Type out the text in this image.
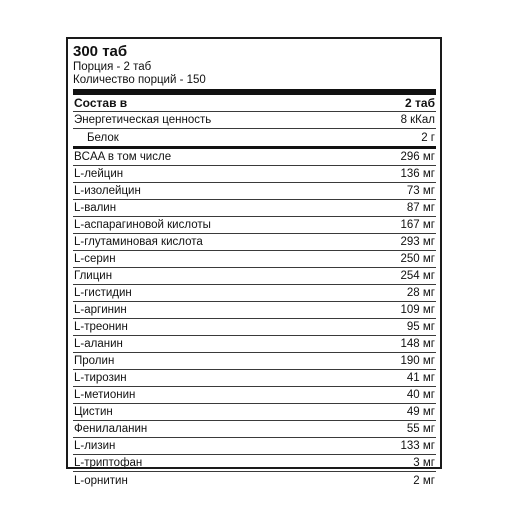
300 таб
Порция - 2 таб
Количество порций - 150
Состав в	2 таб
Энергетическая ценность	8 кКал
Белок	2 г
BCAA в том числе	296 мг
L-лейцин	136 мг
L-изолейцин	73 мг
L-валин	87 мг
L-аспарагиновой кислоты	167 мг
L-глутаминовая кислота	293 мг
L-серин	250 мг
Глицин	254 мг
L-гистидин	28 мг
L-аргинин	109 мг
L-треонин	95 мг
L-аланин	148 мг
Пролин	190 мг
L-тирозин	41 мг
L-метионин	40 мг
Цистин	49 мг
Фенилаланин	55 мг
L-лизин	133 мг
L-триптофан	3 мг
L-орнитин	2 мг
